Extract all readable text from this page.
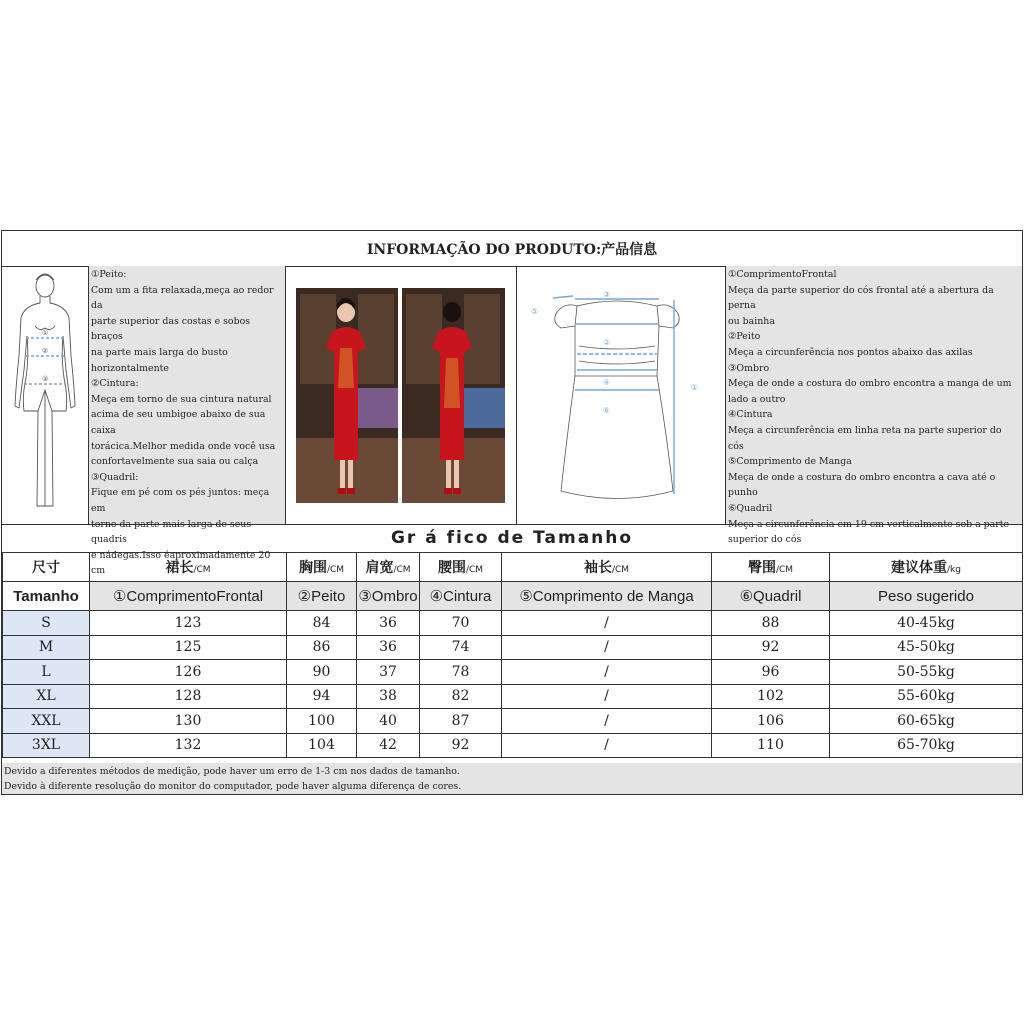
INFORMAÇÃO DO PRODUTO:产品信息
①
②
③

①Peito:

Com um a fita relaxada,meça ao redor da

parte superior das costas e sobos braços

na parte mais larga do busto

horizontalmente

②Cintura:

Meça em torno de sua cintura natural

acima de seu umbigoe abaixo de sua caixa

torácica.Melhor medida onde você usa

confortavelmente sua saia ou calça

③Quadril:

Fique em pé com os pés juntos: meça em

torno da parte mais larga de seus quadris

e nádegas.Isso éaproximadamente 20 cm

①
②
③
④
⑤
⑥

①ComprimentoFrontal

Meça da parte superior do cós frontal até a abertura da perna

ou bainha

②Peito

Meça a circunferência nos pontos abaixo das axilas

③Ombro

Meça de onde a costura do ombro encontra a manga de um

lado a outro

④Cintura

Meça a circunferência em linha reta na parte superior do cós

⑤Comprimento de Manga

Meça de onde a costura do ombro encontra a cava até o punho

⑥Quadril

Meça a circunferência em 19 cm verticalmente sob a parte

superior do cós

Gr á fico de Tamanho
尺寸	裙长/CM	胸围/CM	肩宽/CM	腰围/CM	袖长/CM	臀围/CM	建议体重/kg
Tamanho	①ComprimentoFrontal	②Peito	③Ombro	④Cintura	⑤Comprimento de Manga	⑥Quadril	Peso sugerido
S	123	84	36	70	/	88	40-45kg
M	125	86	36	74	/	92	45-50kg
L	126	90	37	78	/	96	50-55kg
XL	128	94	38	82	/	102	55-60kg
XXL	130	100	40	87	/	106	60-65kg
3XL	132	104	42	92	/	110	65-70kg
Devido a diferentes métodos de medição, pode haver um erro de 1-3 cm nos dados de tamanho.
Devido à diferente resolução do monitor do computador, pode haver alguma diferença de cores.
